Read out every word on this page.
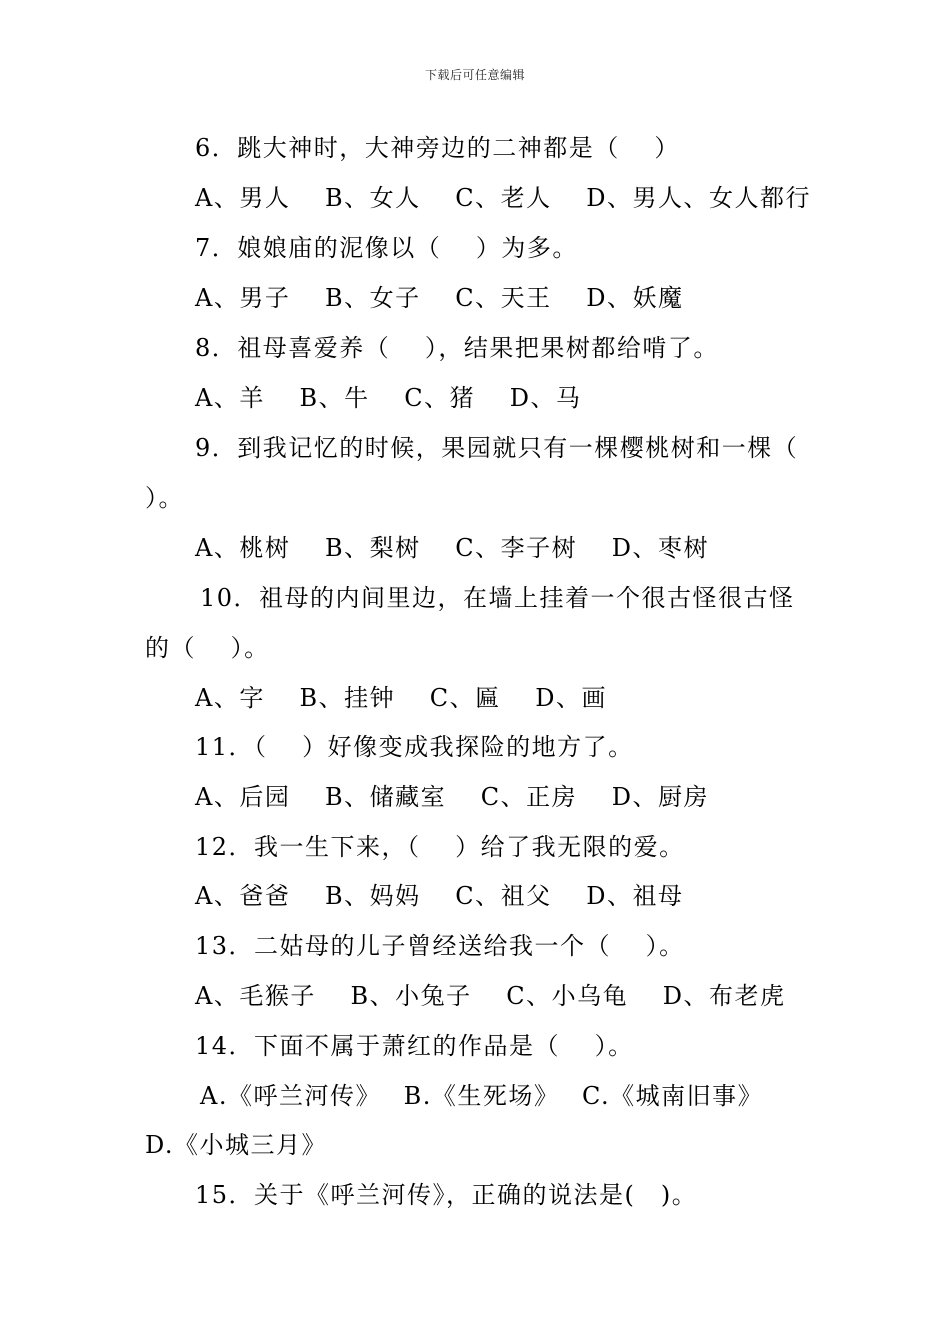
下载后可任意编辑
6．跳大神时，大神旁边的二神都是（　 ）
A、男人　 B、女人　 C、老人　 D、男人、女人都行
7．娘娘庙的泥像以（　 ）为多。
A、男子　 B、女子　 C、天王　 D、妖魔
8．祖母喜爱养（　 ），结果把果树都给啃了。
A、羊　 B、牛　 C、猪　 D、马
9．到我记忆的时候，果园就只有一棵樱桃树和一棵（
）。
A、桃树　 B、梨树　 C、李子树　 D、枣树
10．祖母的内间里边，在墙上挂着一个很古怪很古怪
的（　 ）。
A、字　 B、挂钟　 C、匾　 D、画
11．（　 ）好像变成我探险的地方了。
A、后园　 B、储藏室　 C、正房　 D、厨房
12．我一生下来，（　 ）给了我无限的爱。
A、爸爸　 B、妈妈　 C、祖父　 D、祖母
13．二姑母的儿子曾经送给我一个（　 ）。
A、毛猴子　 B、小兔子　 C、小乌龟　 D、布老虎
14．下面不属于萧红的作品是（　 ）。
A.《呼兰河传》　 B.《生死场》　 C.《城南旧事》
D.《小城三月》
15．关于《呼兰河传》，正确的说法是(　)。
